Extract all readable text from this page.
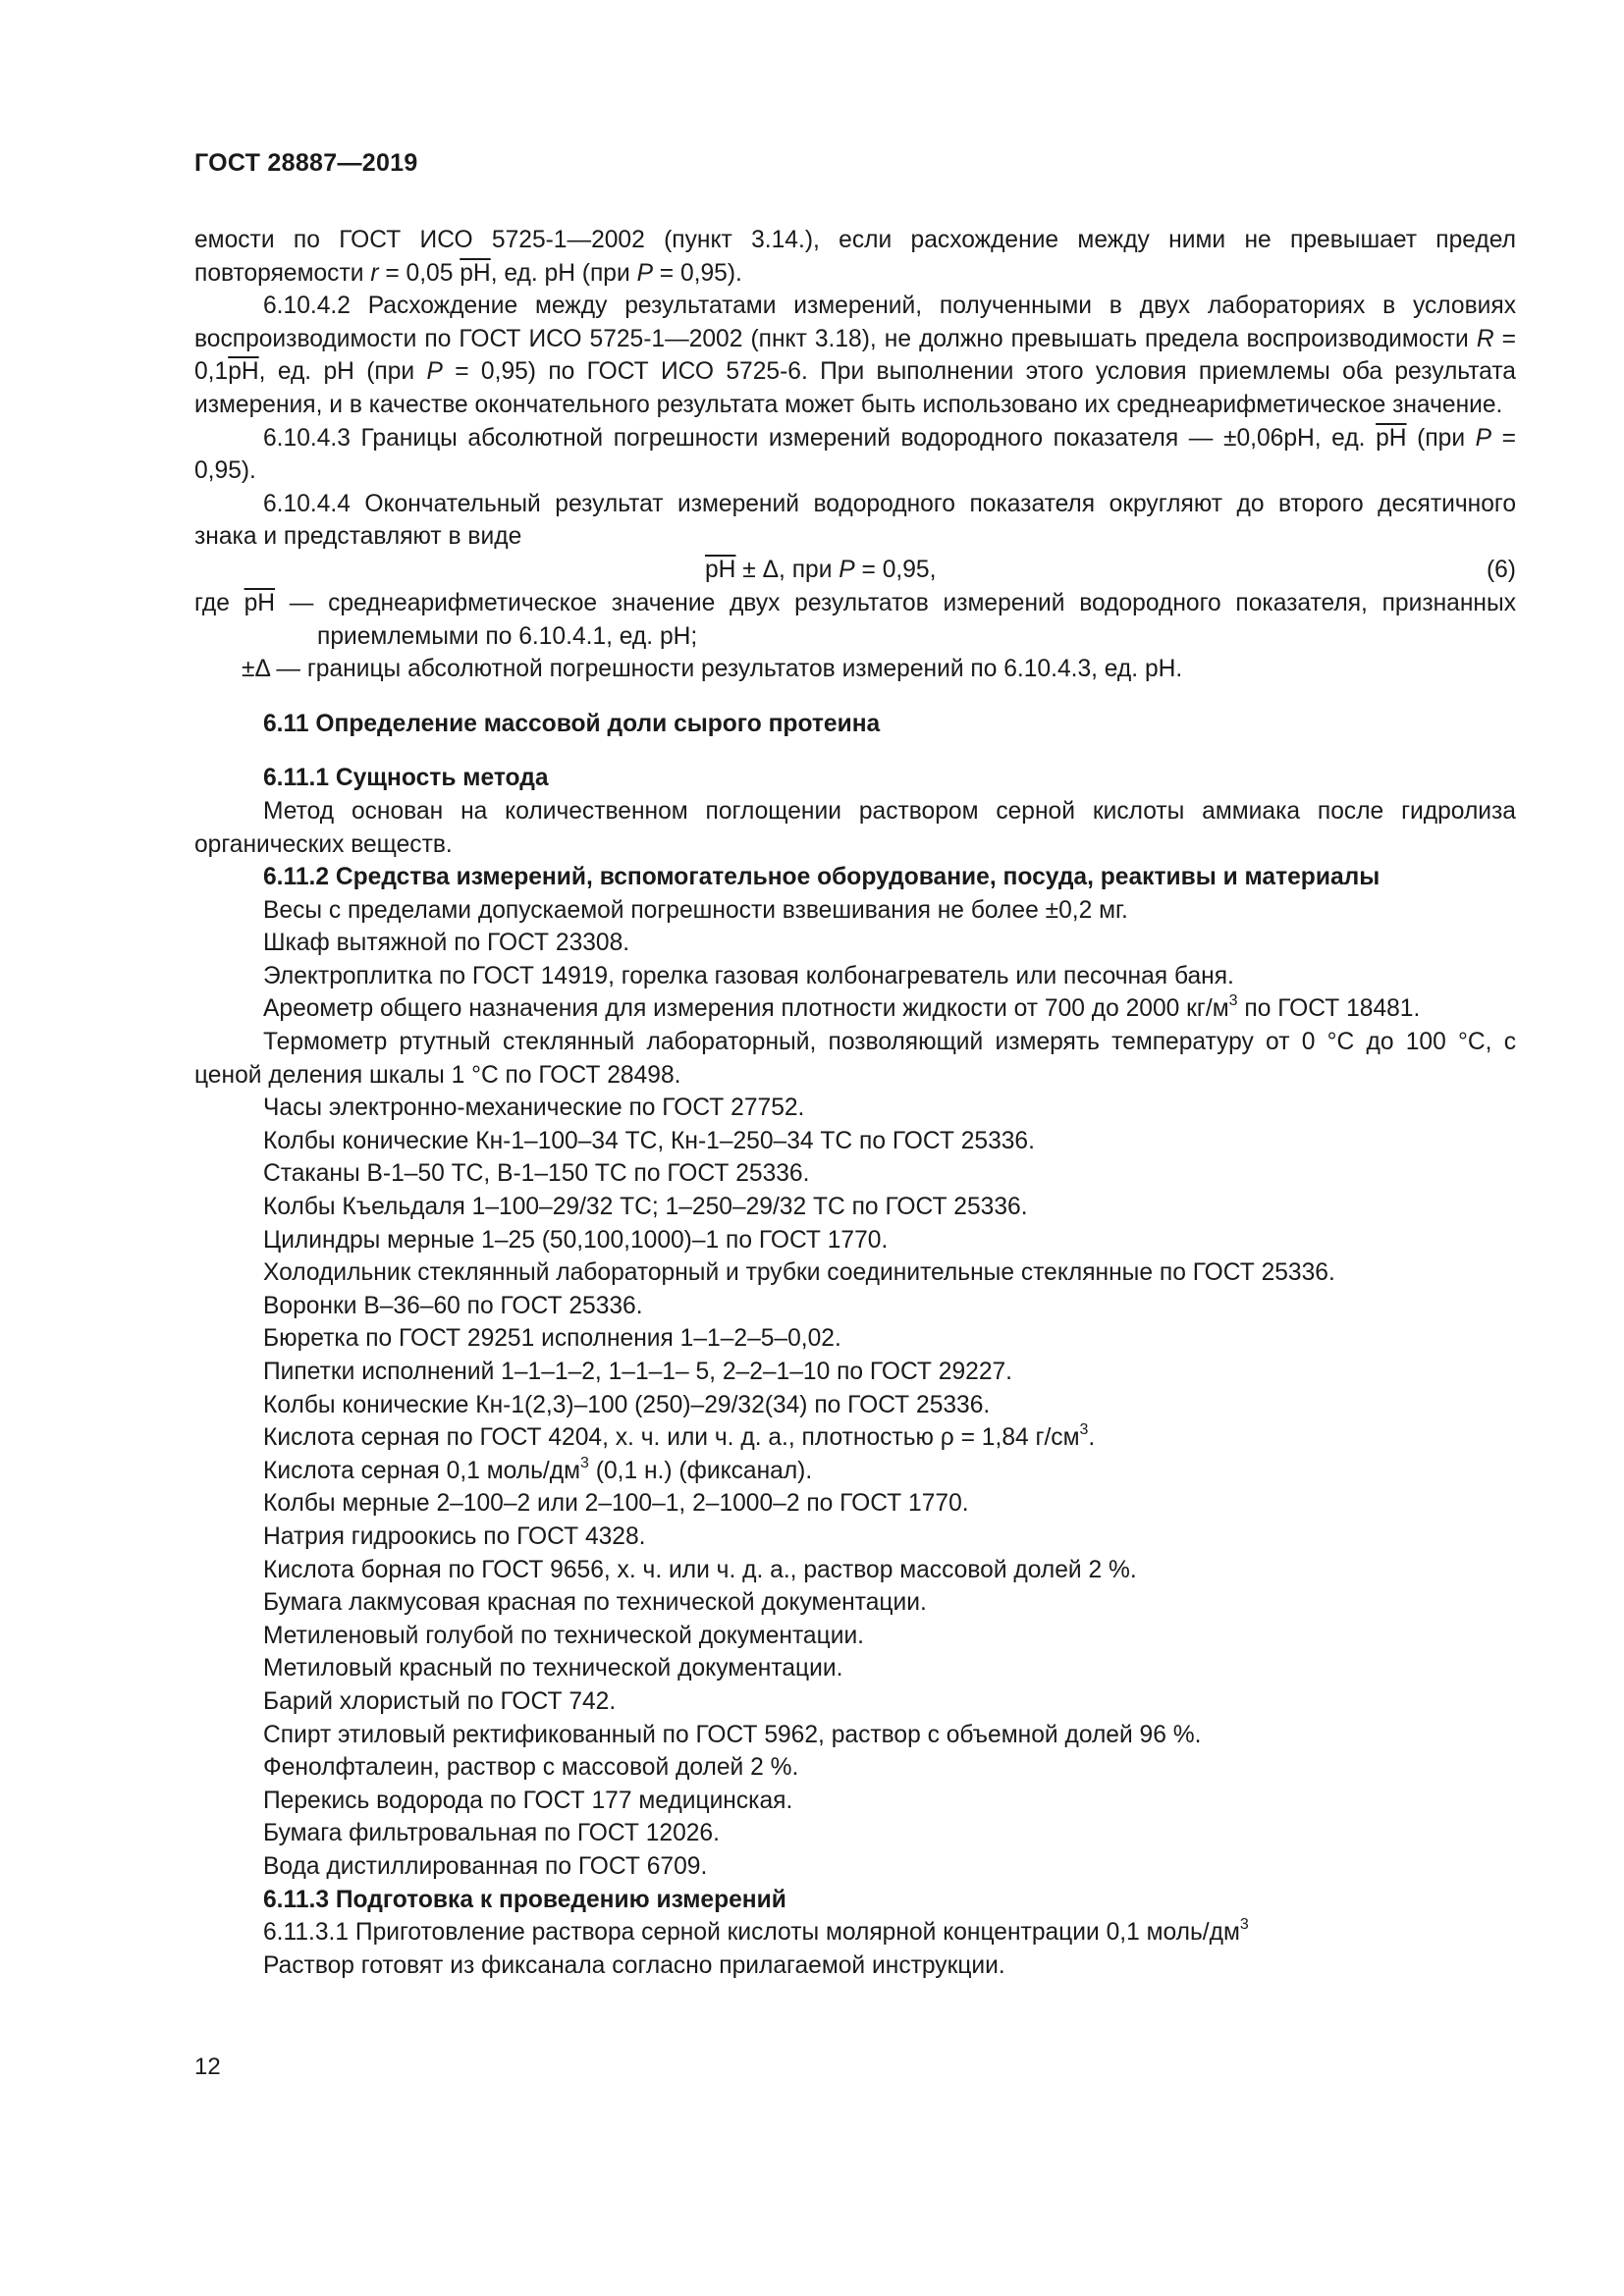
ГОСТ 28887—2019

емости по ГОСТ ИСО 5725-1—2002 (пункт 3.14.), если расхождение между ними не превышает предел повторяемости r = 0,05 $\overline{pH}$, ед. pH (при P = 0,95).

6.10.4.2 Расхождение между результатами измерений, полученными в двух лабораториях в условиях воспроизводимости по ГОСТ ИСО 5725-1—2002 (пнкт 3.18), не должно превышать предела воспроизводимости $R = 0,1\overline{pH}$, ед. pH (при P = 0,95) по ГОСТ ИСО 5725-6. При выполнении этого условия приемлемы оба результата измерения, и в качестве окончательного результата может быть использовано их среднеарифметическое значение.

6.10.4.3 Границы абсолютной погрешности измерений водородного показателя — ±0,06pH, ед. $\overline{pH}$ (при P = 0,95).

6.10.4.4 Окончательный результат измерений водородного показателя округляют до второго десятичного знака и представляют в виде

$\overline{pH} \pm \Delta$, при P = 0,95,	(6)

где $\overline{pH}$ — среднеарифметическое значение двух результатов измерений водородного показателя, признанных приемлемыми по 6.10.4.1, ед. pH;

±Δ — границы абсолютной погрешности результатов измерений по 6.10.4.3, ед. pH.

6.11 Определение массовой доли сырого протеина

6.11.1 Сущность метода

Метод основан на количественном поглощении раствором серной кислоты аммиака после гидролиза органических веществ.

6.11.2 Средства измерений, вспомогательное оборудование, посуда, реактивы и материалы

Весы с пределами допускаемой погрешности взвешивания не более ±0,2 мг.

Шкаф вытяжной по ГОСТ 23308.

Электроплитка по ГОСТ 14919, горелка газовая колбонагреватель или песочная баня.

Ареометр общего назначения для измерения плотности жидкости от 700 до 2000 $кг/м^3$ по ГОСТ 18481.

Термометр ртутный стеклянный лабораторный, позволяющий измерять температуру от 0 °C до 100 °C, с ценой деления шкалы 1 °C по ГОСТ 28498.

Часы электронно-механические по ГОСТ 27752.

Колбы конические Кн-1–100–34 ТС, Кн-1–250–34 ТС по ГОСТ 25336.

Стаканы В-1–50 ТС, В-1–150 ТС по ГОСТ 25336.

Колбы Къельдаля 1–100–29/32 ТС; 1–250–29/32 ТС по ГОСТ 25336.

Цилиндры мерные 1–25 (50,100,1000)–1 по ГОСТ 1770.

Холодильник стеклянный лабораторный и трубки соединительные стеклянные по ГОСТ 25336.

Воронки В–36–60 по ГОСТ 25336.

Бюретка по ГОСТ 29251 исполнения 1–1–2–5–0,02.

Пипетки исполнений 1–1–1–2, 1–1–1– 5, 2–2–1–10 по ГОСТ 29227.

Колбы конические Кн-1(2,3)–100 (250)–29/32(34) по ГОСТ 25336.

Кислота серная по ГОСТ 4204, х. ч. или ч. д. а., плотностью ρ = 1,84 $г/см^3$.

Кислота серная 0,1 моль/$дм^3$ (0,1 н.) (фиксанал).

Колбы мерные 2–100–2 или 2–100–1, 2–1000–2 по ГОСТ 1770.

Натрия гидроокись по ГОСТ 4328.

Кислота борная по ГОСТ 9656, х. ч. или ч. д. а., раствор массовой долей 2 %.

Бумага лакмусовая красная по технической документации.

Метиленовый голубой по технической документации.

Метиловый красный по технической документации.

Барий хлористый по ГОСТ 742.

Спирт этиловый ректификованный по ГОСТ 5962, раствор с объемной долей 96 %.

Фенолфталеин, раствор с массовой долей 2 %.

Перекись водорода по ГОСТ 177 медицинская.

Бумага фильтровальная по ГОСТ 12026.

Вода дистиллированная по ГОСТ 6709.

6.11.3 Подготовка к проведению измерений

6.11.3.1 Приготовление раствора серной кислоты молярной концентрации 0,1 моль/$дм^3$

Раствор готовят из фиксанала согласно прилагаемой инструкции.

12
